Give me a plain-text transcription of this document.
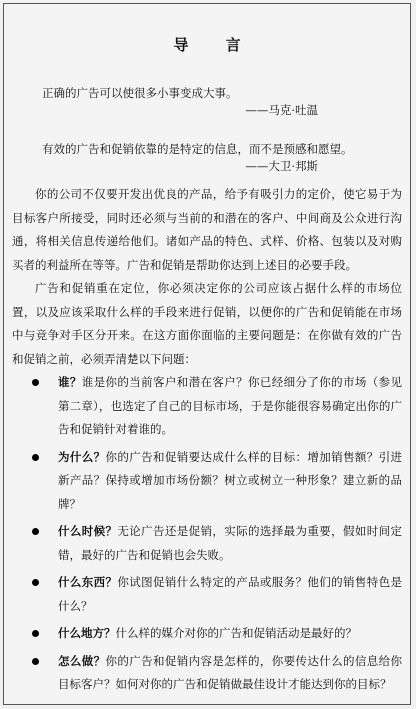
导 言

正确的广告可以使很多小事变成大事。

——马克·吐温

有效的广告和促销依靠的是特定的信息，而不是预感和愿望。

——大卫·邦斯

你的公司不仅要开发出优良的产品，给予有吸引力的定价，使它易于为目标客户所接受，同时还必须与当前的和潜在的客户、中间商及公众进行沟通，将相关信息传递给他们。诸如产品的特色、式样、价格、包装以及对购买者的利益所在等等。广告和促销是帮助你达到上述目的必要手段。

广告和促销重在定位，你必须决定你的公司应该占据什么样的市场位置，以及应该采取什么样的手段来进行促销，以便你的广告和促销能在市场中与竞争对手区分开来。在这方面你面临的主要问题是：在你做有效的广告和促销之前，必须弄清楚以下问题：

谁？谁是你的当前客户和潜在客户？你已经细分了你的市场（参见第二章），也选定了自己的目标市场，于是你能很容易确定出你的广告和促销针对着谁的。
为什么？你的广告和促销要达成什么样的目标：增加销售额？引进新产品？保持或增加市场份额？树立或树立一种形象？建立新的品牌？
什么时候？无论广告还是促销，实际的选择最为重要，假如时间定错，最好的广告和促销也会失败。
什么东西？你试图促销什么特定的产品或服务？他们的销售特色是什么？
什么地方？什么样的媒介对你的广告和促销活动是最好的？
怎么做？你的广告和促销内容是怎样的，你要传达什么的信息给你目标客户？如何对你的广告和促销做最佳设计才能达到你的目标？
